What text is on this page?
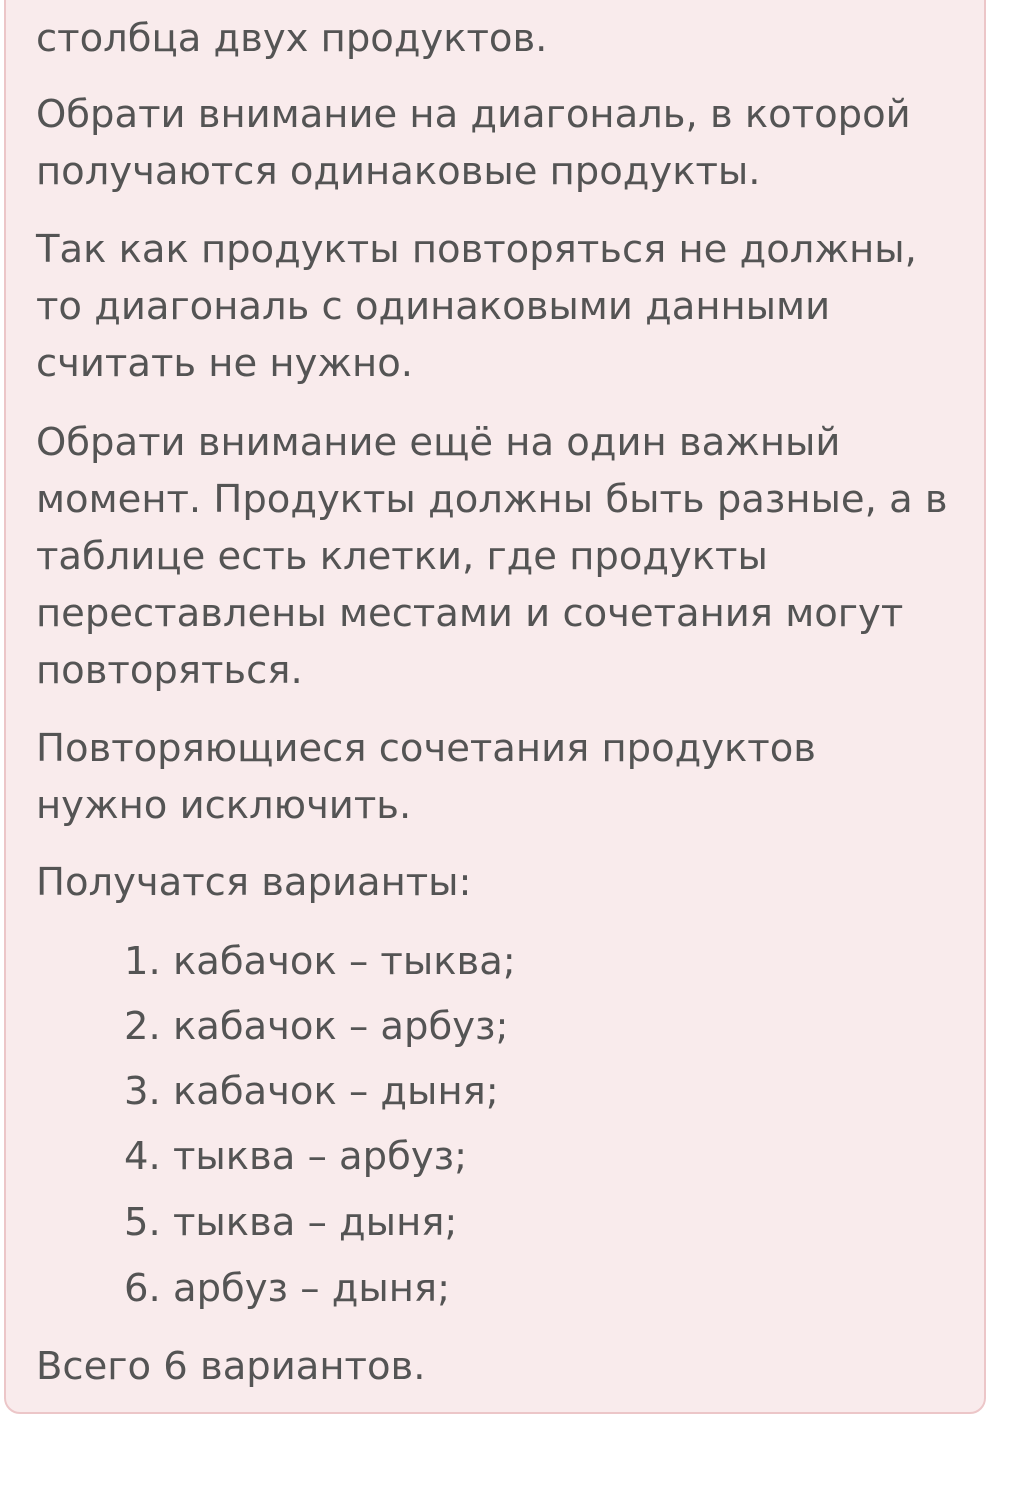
столбца двух продуктов.

Обрати внимание на диагональ, в которой

получаются одинаковые продукты.

Так как продукты повторяться не должны,

то диагональ с одинаковыми данными

считать не нужно.

Обрати внимание ещё на один важный

момент. Продукты должны быть разные, а в

таблице есть клетки, где продукты

переставлены местами и сочетания могут

повторяться.

Повторяющиеся сочетания продуктов

нужно исключить.

Получатся варианты:

1. кабачок – тыква;

2. кабачок – арбуз;

3. кабачок – дыня;

4. тыква – арбуз;

5. тыква – дыня;

6. арбуз – дыня;

Всего 6 вариантов.
